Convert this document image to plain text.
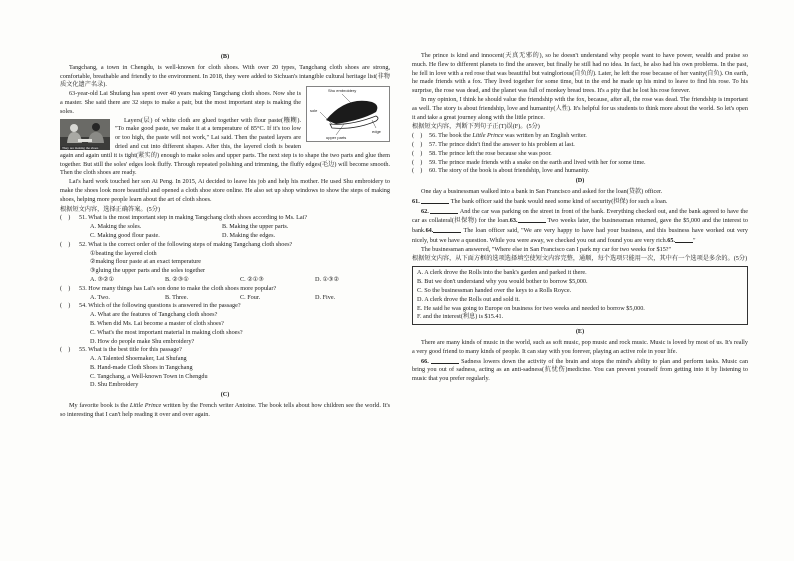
(B)

Tangchang, a town in Chengdu, is well-known for cloth shoes. With over 20 types, Tangchang cloth shoes are strong, comfortable, breathable and friendly to the environment. In 2018, they were added to Sichuan's intangible cultural heritage list(非物质文化遗产名录).

Shu embroidery
sole
upper parts
edge

63-year-old Lai Shufang has spent over 40 years making Tangchang cloth shoes. Now she is a master. She said there are 32 steps to make a pair, but the most important step is making the soles.

They are making the shoes

Layers(层) of white cloth are glued together with flour paste(糨糊). "To make good paste, we make it at a temperature of 85°C. If it's too low or too high, the paste will not work," Lai said. Then the pasted layers are dried and cut into different shapes. After this, the layered cloth is beaten again and again until it is tight(紧实的) enough to make soles and upper parts. The next step is to shape the two parts and glue them together. But still the soles' edges look fluffy. Through repeated polishing and trimming, the fluffy edges(毛边) will become smooth. Then the cloth shoes are ready.

Lai's hard work touched her son Ai Peng. In 2015, Ai decided to leave his job and help his mother. He used Shu embroidery to make the shoes look more beautiful and opened a cloth shoe store online. He also set up shop windows to show the steps of making shoes, helping more people learn about the art of cloth shoes.

根据短文内容，选择正确答案。(5分)

( ) 51. What is the most important step in making Tangchang cloth shoes according to Ms. Lai?
A. Making the soles.	B. Making the upper parts.
C. Making good flour paste.	D. Making the edges.
( ) 52. What is the correct order of the following steps of making Tangchang cloth shoes?
①beating the layered cloth
②making flour paste at an exact temperature
③gluing the upper parts and the soles together
A. ③②①	B. ②③①	C. ②①③	D. ①③②
( ) 53. How many things has Lai's son done to make the cloth shoes more popular?
A. Two.	B. Three.	C. Four.	D. Five.
( ) 54. Which of the following questions is answered in the passage?
A. What are the features of Tangchang cloth shoes?
B. When did Ms. Lai become a master of cloth shoes?
C. What's the most important material in making cloth shoes?
D. How do people make Shu embroidery?
( ) 55. What is the best title for this passage?
A. A Talented Shoemaker, Lai Shufang
B. Hand-made Cloth Shoes in Tangchang
C. Tangchang, a Well-known Town in Chengdu
D. Shu Embroidery

(C)

My favorite book is the Little Prince written by the French writer Antoine. The book tells about how children see the world. It's so interesting that I can't help reading it over and over again.

The prince is kind and innocent(天真无邪的), so he doesn't understand why people want to have power, wealth and praise so much. He flew to different planets to find the answer, but finally he still had no idea. In fact, he also had his own problems. In the past, he fell in love with a red rose that was beautiful but vainglorious(自负的). Later, he left the rose because of her vanity(自负). On earth, he made friends with a fox. They lived together for some time, but in the end he made up his mind to leave to find his rose. To his surprise, the rose was dead, and the planet was full of monkey bread trees. It's a pity that he lost his rose forever.

In my opinion, I think he should value the friendship with the fox, because, after all, the rose was dead. The friendship is important as well. The story is about friendship, love and humanity(人性). It's helpful for us students to think more about the world. So let's open it and take a great journey along with the little prince.

根据短文内容，判断下列句子正(T)误(F)。(5分)

( ) 56. The book the Little Prince was written by an English writer.
( ) 57. The prince didn't find the answer to his problem at last.
( ) 58. The prince left the rose because she was poor.
( ) 59. The prince made friends with a snake on the earth and lived with her for some time.
( ) 60. The story of the book is about friendship, love and humanity.

(D)

One day a businessman walked into a bank in San Francisco and asked for the loan(贷款) officer.

61.	The bank officer said the bank would need some kind of security(担保) for such a loan.

62.	And the car was parking on the street in front of the bank. Everything checked out, and the bank agreed to have the car as collateral(担保物) for the loan.63.	Two weeks later, the businessman returned, gave the $5,000 and the interest to bank.64.	The loan officer said, "We are very happy to have had your business, and this business have worked out very nicely, but we have a question. While you were away, we checked you out and found you are very rich.65.	"

The businessman answered, "Where else in San Francisco can I park my car for two weeks for $15?"

根据短文内容，从下面方框的选项选择填空使短文内容完整，通顺，每个选项只能用一次，其中有一个选项是多余的。(5分)

A. A clerk drove the Rolls into the bank's garden and parked it there.
B. But we don't understand why you would bother to borrow $5,000.
C. So the businessman handed over the keys to a Rolls Royce.
D. A clerk drove the Rolls out and sold it.
E. He said he was going to Europe on business for two weeks and needed to borrow $5,000.
F. and the interest(利息) is $15.41.

(E)

There are many kinds of music in the world, such as soft music, pop music and rock music. Music is loved by most of us. It's really a very good friend to many kinds of people. It can stay with you forever, playing an active role in your life.

66.	Sadness lowers down the activity of the brain and stops the mind's ability to plan and perform tasks. Music can bring you out of sadness, acting as an anti-sadness(抗忧伤)medicine. You can prevent yourself from getting into it by listening to music that you prefer regularly.
